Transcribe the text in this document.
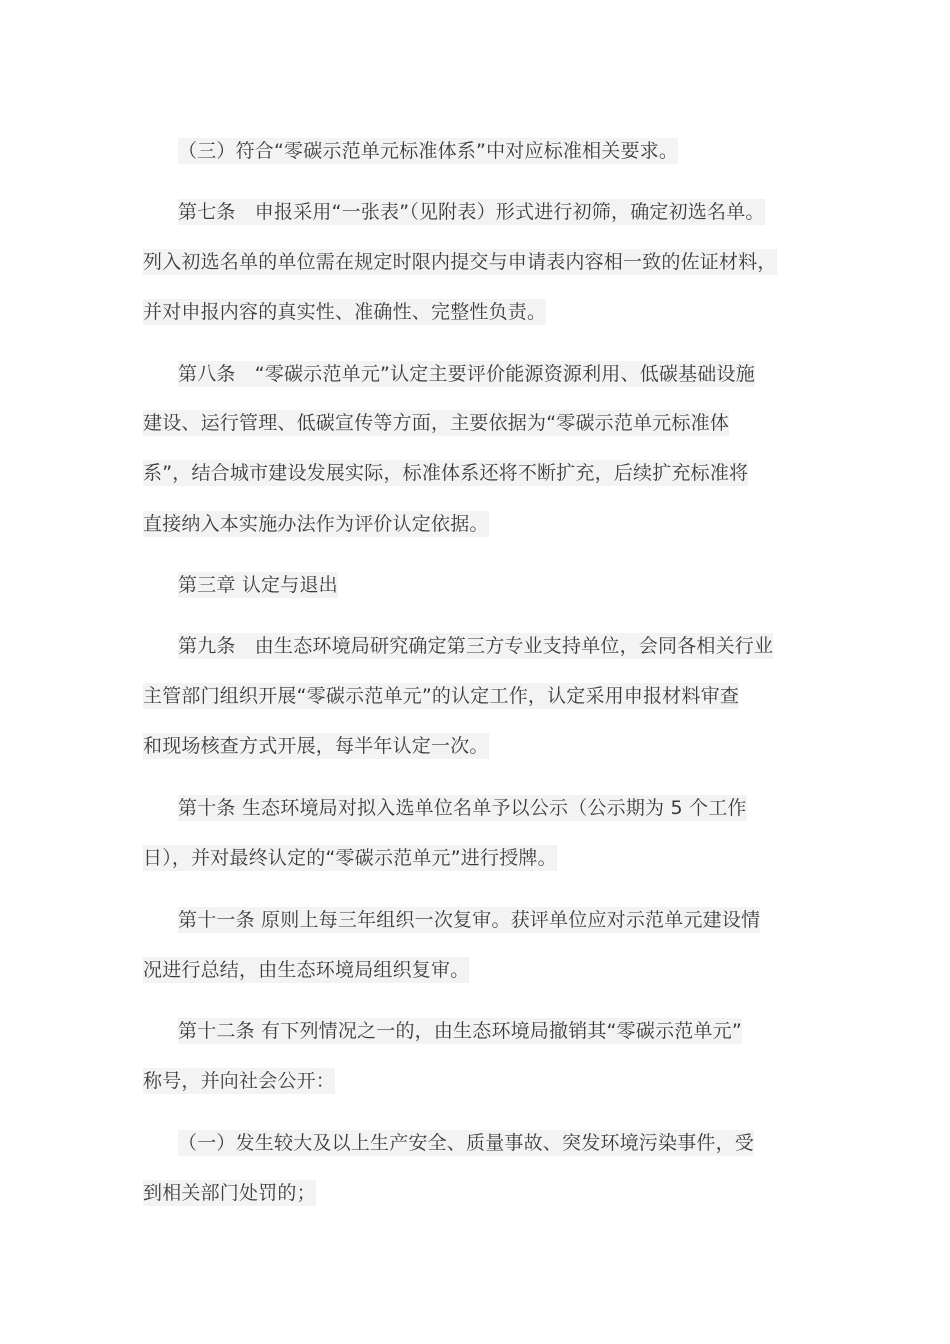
（三）符合“零碳示范单元标准体系”中对应标准相关要求。
第七条　申报采用“一张表”（见附表）形式进行初筛，确定初选名单。
列入初选名单的单位需在规定时限内提交与申请表内容相一致的佐证材料，
并对申报内容的真实性、准确性、完整性负责。
第八条　“零碳示范单元”认定主要评价能源资源利用、低碳基础设施
建设、运行管理、低碳宣传等方面，主要依据为“零碳示范单元标准体
系”，结合城市建设发展实际，标准体系还将不断扩充，后续扩充标准将
直接纳入本实施办法作为评价认定依据。
第三章 认定与退出
第九条　由生态环境局研究确定第三方专业支持单位，会同各相关行业
主管部门组织开展“零碳示范单元”的认定工作，认定采用申报材料审查
和现场核查方式开展，每半年认定一次。
第十条 生态环境局对拟入选单位名单予以公示（公示期为 5 个工作
日），并对最终认定的“零碳示范单元”进行授牌。
第十一条 原则上每三年组织一次复审。获评单位应对示范单元建设情
况进行总结，由生态环境局组织复审。
第十二条 有下列情况之一的，由生态环境局撤销其“零碳示范单元”
称号，并向社会公开：
（一）发生较大及以上生产安全、质量事故、突发环境污染事件，受
到相关部门处罚的；
